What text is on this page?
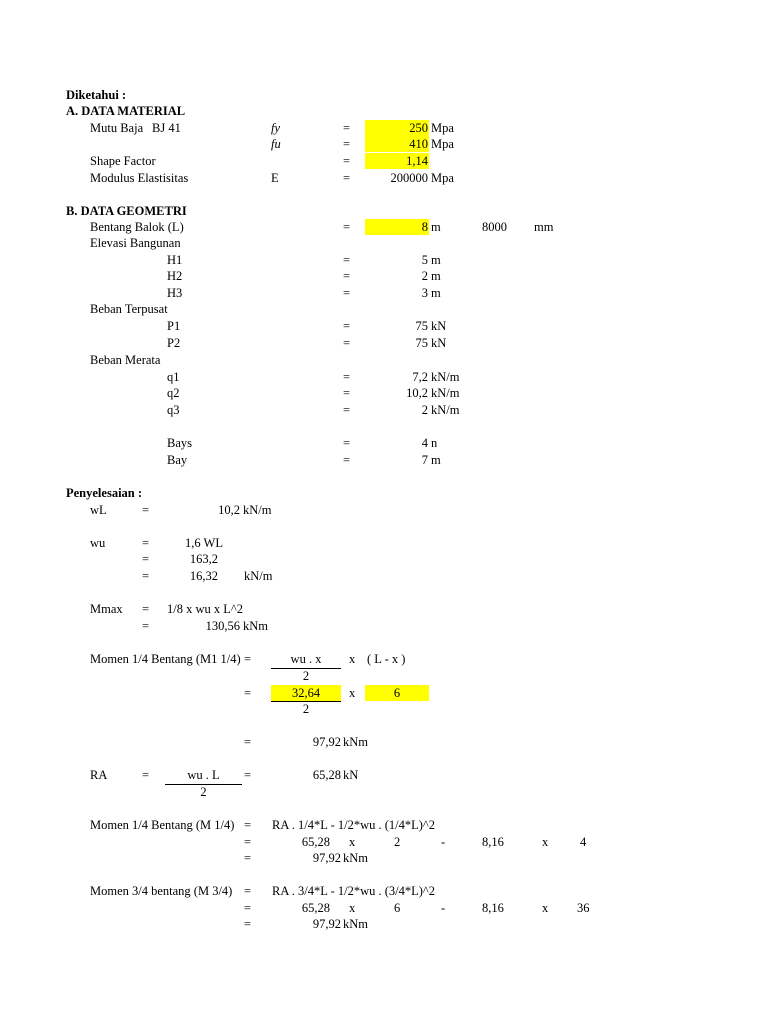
Diketahui :
A. DATA MATERIAL
Mutu Baja BJ 41	fy	=	250 Mpa
fu	=	410 Mpa
Shape Factor	=	1,14
Modulus Elastisitas	E	=	200000 Mpa
B. DATA GEOMETRI
Bentang Balok (L)	=	8 m	8000 mm
Elevasi Bangunan
H1	=	5 m
H2	=	2 m
H3	=	3 m
Beban Terpusat
P1	=	75 kN
P2	=	75 kN
Beban Merata
q1	=	7,2 kN/m
q2	=	10,2 kN/m
q3	=	2 kN/m
Bays	=	4 n
Bay	=	7 m
Penyelesaian :
wL	=	10,2 kN/m
wu	=	1,6 WL
=	163,2
=	16,32 kN/m
Mmax = 1/8 x wu x L^2
=	130,56 kNm
Momen 1/4 Bentang (M1 1/4) =	wu . x	x ( L - x )
2
=	32,64	x	6
2
=	97,92 kNm
RA	=	wu . L
2
=	65,28 kN
Momen 1/4 Bentang (M 1/4) = RA . 1/4*L - 1/2*wu . (1/4*L)^2
=	65,28 x	2	-	8,16	x	4
=	97,92 kNm
Momen 3/4 bentang (M 3/4) = RA . 3/4*L - 1/2*wu . (3/4*L)^2
=	65,28 x	6	-	8,16	x 36
=	97,92 kNm
